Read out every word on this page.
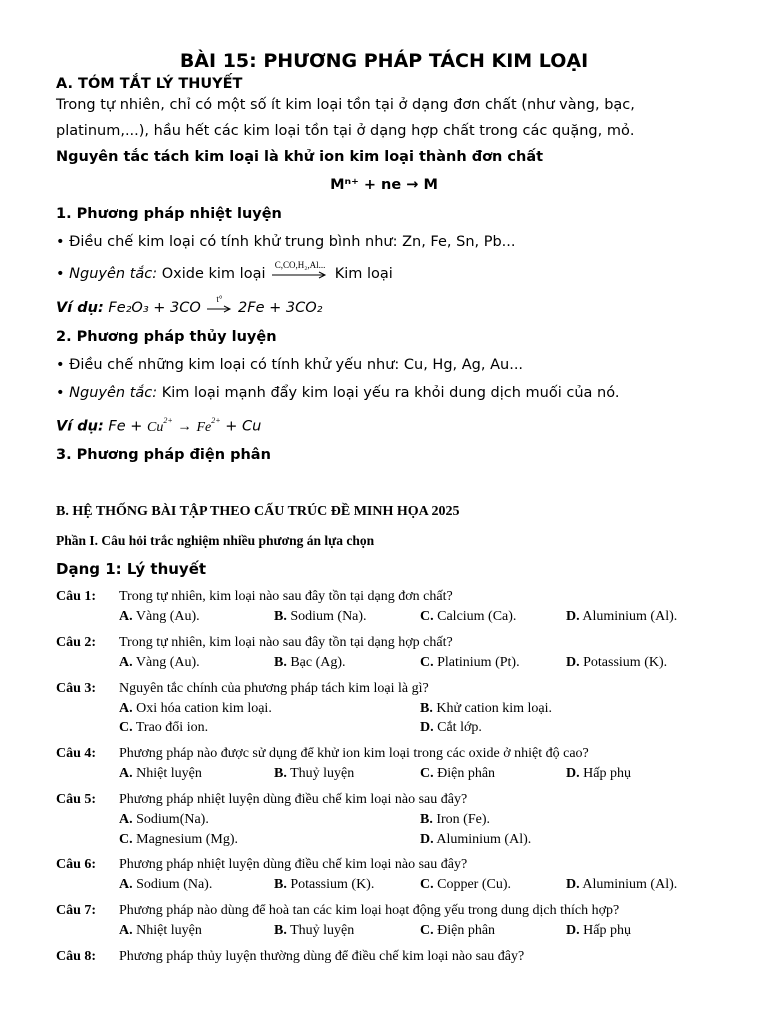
BÀI 15: PHƯƠNG PHÁP TÁCH KIM LOẠI
A. TÓM TẮT LÝ THUYẾT
Trong tự nhiên, chỉ có một số ít kim loại tồn tại ở dạng đơn chất (như vàng, bạc,
platinum,...), hầu hết các kim loại tồn tại ở dạng hợp chất trong các quặng, mỏ.
Nguyên tắc tách kim loại là khử ion kim loại thành đơn chất
Mⁿ⁺ + ne → M
1. Phương pháp nhiệt luyện
• Điều chế kim loại có tính khử trung bình như: Zn, Fe, Sn, Pb...
• Nguyên tắc: Oxide kim loại
C,CO,H₂,Al...
Kim loại
Ví dụ: Fe₂O₃ + 3CO
t°
2Fe + 3CO₂
2. Phương pháp thủy luyện
• Điều chế những kim loại có tính khử yếu như: Cu, Hg, Ag, Au...
• Nguyên tắc: Kim loại mạnh đẩy kim loại yếu ra khỏi dung dịch muối của nó.
Ví dụ: $Fe + Cu^{2+} \to Fe^{2+} + Cu$
3. Phương pháp điện phân
B. HỆ THỐNG BÀI TẬP THEO CẤU TRÚC ĐỀ MINH HỌA 2025
Phần I. Câu hỏi trắc nghiệm nhiều phương án lựa chọn
Dạng 1: Lý thuyết
Câu 1: Trong tự nhiên, kim loại nào sau đây tồn tại dạng đơn chất?
A. Vàng (Au).	B. Sodium (Na).	C. Calcium (Ca).	D. Aluminium (Al).
Câu 2: Trong tự nhiên, kim loại nào sau đây tồn tại dạng hợp chất?
A. Vàng (Au).	B. Bạc (Ag).	C. Platinium (Pt).	D. Potassium (K).
Câu 3: Nguyên tắc chính của phương pháp tách kim loại là gì?
A. Oxi hóa cation kim loại.	B. Khử cation kim loại.
C. Trao đổi ion.	D. Cắt lớp.
Câu 4: Phương pháp nào được sử dụng để khử ion kim loại trong các oxide ở nhiệt độ cao?
A. Nhiệt luyện	B. Thuỷ luyện	C. Điện phân	D. Hấp phụ
Câu 5: Phương pháp nhiệt luyện dùng điều chế kim loại nào sau đây?
A. Sodium(Na).	B. Iron (Fe).
C. Magnesium (Mg).	D. Aluminium (Al).
Câu 6: Phương pháp nhiệt luyện dùng điều chế kim loại nào sau đây?
A. Sodium (Na).	B. Potassium (K).	C. Copper (Cu).	D. Aluminium (Al).
Câu 7: Phương pháp nào dùng để hoà tan các kim loại hoạt động yếu trong dung dịch thích hợp?
A. Nhiệt luyện	B. Thuỷ luyện	C. Điện phân	D. Hấp phụ
Câu 8: Phương pháp thủy luyện thường dùng để điều chế kim loại nào sau đây?
